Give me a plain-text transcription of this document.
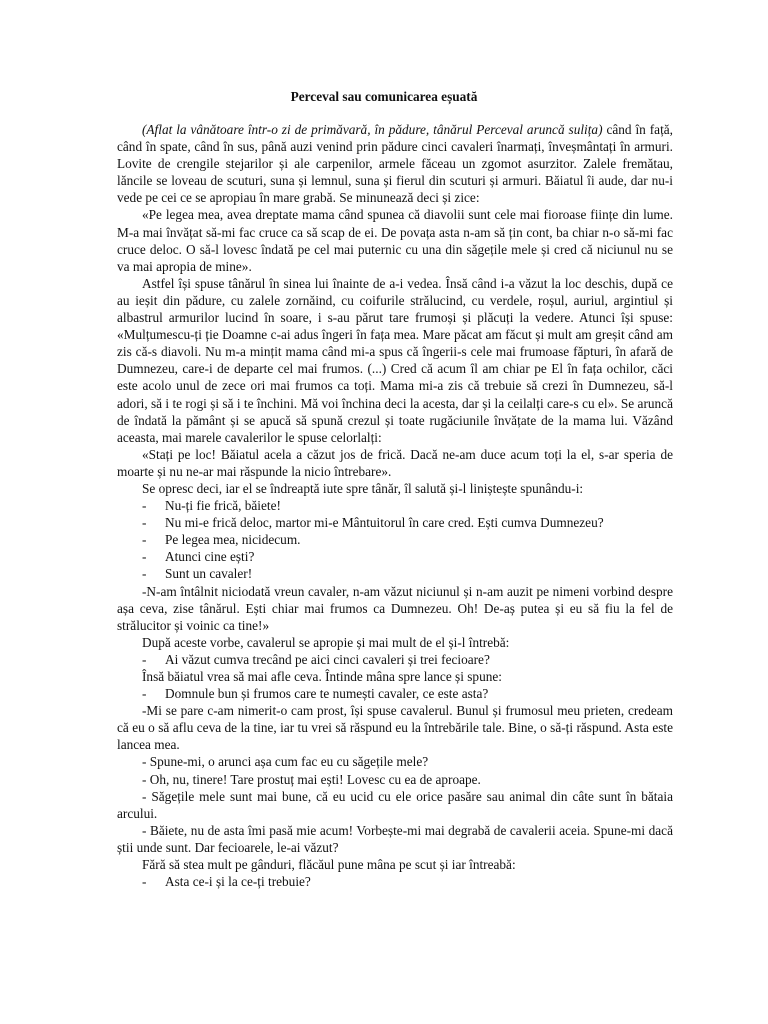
Perceval sau comunicarea eșuată

(Aflat la vânătoare într-o zi de primăvară, în pădure, tânărul Perceval aruncă sulița) când în față, când în spate, când în sus, până auzi venind prin pădure cinci cavaleri înarmați, înveșmântați în armuri. Lovite de crengile stejarilor și ale carpenilor, armele făceau un zgomot asurzitor. Zalele fremătau, lăncile se loveau de scuturi, suna și lemnul, suna și fierul din scuturi și armuri. Băiatul îi aude, dar nu-i vede pe cei ce se apropiau în mare grabă. Se minunează deci și zice:

«Pe legea mea, avea dreptate mama când spunea că diavolii sunt cele mai fioroase ființe din lume. M-a mai învățat să-mi fac cruce ca să scap de ei. De povața asta n-am să țin cont, ba chiar n-o să-mi fac cruce deloc. O să-l lovesc îndată pe cel mai puternic cu una din săgețile mele și cred că niciunul nu se va mai apropia de mine».

Astfel își spuse tânărul în sinea lui înainte de a-i vedea. Însă când i-a văzut la loc deschis, după ce au ieșit din pădure, cu zalele zornăind, cu coifurile strălucind, cu verdele, roșul, auriul, argintiul și albastrul armurilor lucind în soare, i s-au părut tare frumoși și plăcuți la vedere. Atunci își spuse: «Mulțumescu-ți ție Doamne c-ai adus îngeri în fața mea. Mare păcat am făcut și mult am greșit când am zis că-s diavoli. Nu m-a mințit mama când mi-a spus că îngerii-s cele mai frumoase făpturi, în afară de Dumnezeu, care-i de departe cel mai frumos. (...) Cred că acum îl am chiar pe El în fața ochilor, căci este acolo unul de zece ori mai frumos ca toți. Mama mi-a zis că trebuie să crezi în Dumnezeu, să-l adori, să i te rogi și să i te închini. Mă voi închina deci la acesta, dar și la ceilalți care-s cu el». Se aruncă de îndată la pământ și se apucă să spună crezul și toate rugăciunile învățate de la mama lui. Văzând aceasta, mai marele cavalerilor le spuse celorlalți:

«Stați pe loc! Băiatul acela a căzut jos de frică. Dacă ne-am duce acum toți la el, s-ar speria de moarte și nu ne-ar mai răspunde la nicio întrebare».

Se opresc deci, iar el se îndreaptă iute spre tânăr, îl salută și-l liniștește spunându-i:

-	Nu-ți fie frică, băiete!
-	Nu mi-e frică deloc, martor mi-e Mântuitorul în care cred. Ești cumva Dumnezeu?
-	Pe legea mea, nicidecum.
-	Atunci cine ești?
-	Sunt un cavaler!

-N-am întâlnit niciodată vreun cavaler, n-am văzut niciunul și n-am auzit pe nimeni vorbind despre așa ceva, zise tânărul. Ești chiar mai frumos ca Dumnezeu. Oh! De-aș putea și eu să fiu la fel de strălucitor și voinic ca tine!»

După aceste vorbe, cavalerul se apropie și mai mult de el și-l întrebă:

-	Ai văzut cumva trecând pe aici cinci cavaleri și trei fecioare?

Însă băiatul vrea să mai afle ceva. Întinde mâna spre lance și spune:

-	Domnule bun și frumos care te numești cavaler, ce este asta?

-Mi se pare c-am nimerit-o cam prost, își spuse cavalerul. Bunul și frumosul meu prieten, credeam că eu o să aflu ceva de la tine, iar tu vrei să răspund eu la întrebările tale. Bine, o să-ți răspund. Asta este lancea mea.

- Spune-mi, o arunci așa cum fac eu cu săgețile mele?

- Oh, nu, tinere! Tare prostuț mai ești! Lovesc cu ea de aproape.

- Săgețile mele sunt mai bune, că eu ucid cu ele orice pasăre sau animal din câte sunt în bătaia arcului.

- Băiete, nu de asta îmi pasă mie acum! Vorbește-mi mai degrabă de cavalerii aceia. Spune-mi dacă știi unde sunt. Dar fecioarele, le-ai văzut?

Fără să stea mult pe gânduri, flăcăul pune mâna pe scut și iar întreabă:

-	Asta ce-i și la ce-ți trebuie?
